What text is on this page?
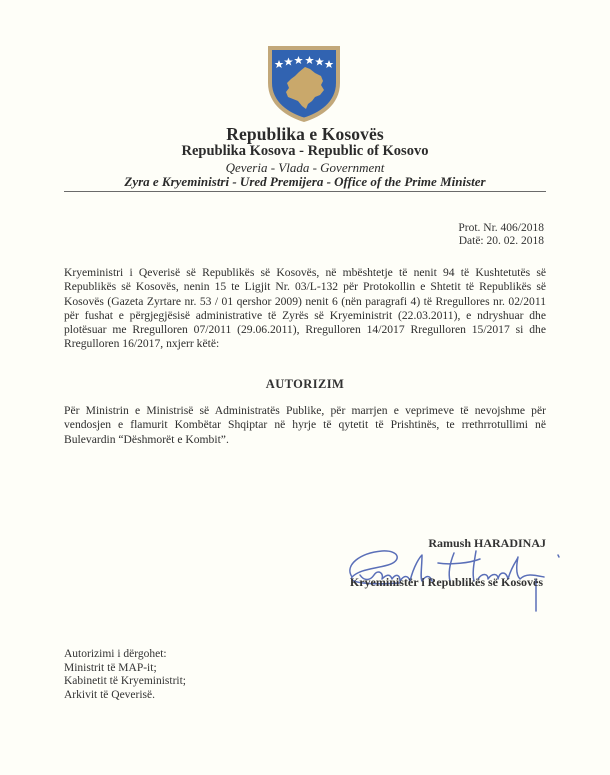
Republika e Kosovës
Republika Kosova - Republic of Kosovo
Qeveria - Vlada - Government
Zyra e Kryeministri - Ured Premijera - Office of the Prime Minister
Prot. Nr. 406/2018
Datë: 20. 02. 2018
Kryeministri i Qeverisë së Republikës së Kosovës, në mbështetje të nenit 94 të Kushtetutës së Republikës së Kosovës, nenin 15 te Ligjit Nr. 03/L-132 për Protokollin e Shtetit të Republikës së Kosovës (Gazeta Zyrtare nr. 53 / 01 qershor 2009) nenit 6 (nën paragrafi 4) të Rregullores nr. 02/2011 për fushat e përgjegjësisë administrative të Zyrës së Kryeministrit (22.03.2011), e ndryshuar dhe plotësuar me Rregulloren 07/2011 (29.06.2011), Rregulloren 14/2017 Rregulloren 15/2017 si dhe Rregulloren 16/2017, nxjerr këtë:
AUTORIZIM
Për Ministrin e Ministrisë së Administratës Publike, për marrjen e veprimeve të nevojshme për vendosjen e flamurit Kombëtar Shqiptar në hyrje të qytetit të Prishtinës, te rrethrrotullimi në Bulevardin “Dëshmorët e Kombit”.
Ramush HARADINAJ
Kryeministër i Republikës së Kosovës
Autorizimi i dërgohet:
Ministrit të MAP-it;
Kabinetit të Kryeministrit;
Arkivit të Qeverisë.
